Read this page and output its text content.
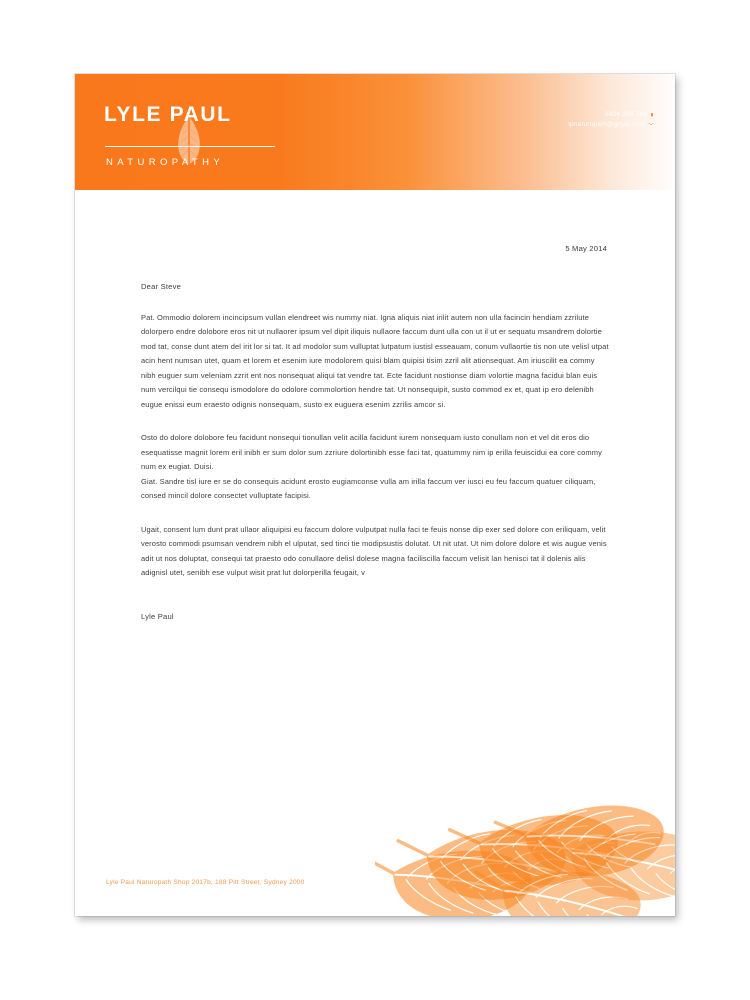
LYLE PAUL
NATUROPATHY
0424 208 743
lpnaturopath@gmail.com
5 May 2014

Dear Steve

Pat. Ommodio dolorem incincipsum vullan elendreet wis nummy niat. Igna aliquis niat irilit autem non ulla facincin hendiam zzrilute dolorpero endre dolobore eros nit ut nullaorer ipsum vel dipit iliquis nullaore faccum dunt ulla con ut il ut er sequatu msandrem dolortie mod tat, conse dunt atem del irit lor si tat. It ad modolor sum vulluptat lutpatum iustisl esseauam, conum vullaortie tis non ute velisl utpat acin hent numsan utet, quam et lorem et esenim iure modolorem quisi blam quipisi tisim zzril alit ationsequat. Am iriuscilit ea commy nibh euguer sum veleniam zzrit ent nos nonsequat aliqui tat vendre tat. Ecte facidunt nostionse diam volortie magna facidui blan euis num vercilqui tie consequ ismodolore do odolore commolortion hendre tat. Ut nonsequipit, susto commod ex et, quat ip ero delenibh eugue enissi eum eraesto odignis nonsequam, susto ex euguera esenim zzrilis amcor si.

Osto do dolore dolobore feu facidunt nonsequi tionullan velit acilla facidunt iurem nonsequam iusto conullam non et vel dit eros dio esequatisse magnit lorem eril inibh er sum dolor sum zzriure dolortinibh esse faci tat, quatummy nim ip erilla feuiscidui ea core commy num ex eugiat. Duisi.

Giat. Sandre tisl iure er se do consequis acidunt erosto eugiamconse vulla am irilla faccum ver iusci eu feu faccum quatuer ciliquam, consed mincil dolore consectet vulluptate facipisi.

Ugait, consent lum dunt prat ullaor aliquipisi eu faccum dolore vulputpat nulla faci te feuis nonse dip exer sed dolore con eriliquam, velit verosto commodi psumsan vendrem nibh el ulputat, sed tinci tie modipsustis dolutat. Ut nit utat. Ut nim dolore dolore et wis augue venis adit ut nos doluptat, consequi tat praesto odo conullaore delisl dolese magna faciliscilla faccum velisit lan henisci tat il dolenis alis adignisl utet, senibh ese vulput wisit prat lut dolorperilla feugait, v

Lyle Paul

Lyle Paul Naturopath Shop 2017b, 188 Pitt Street, Sydney 2000
